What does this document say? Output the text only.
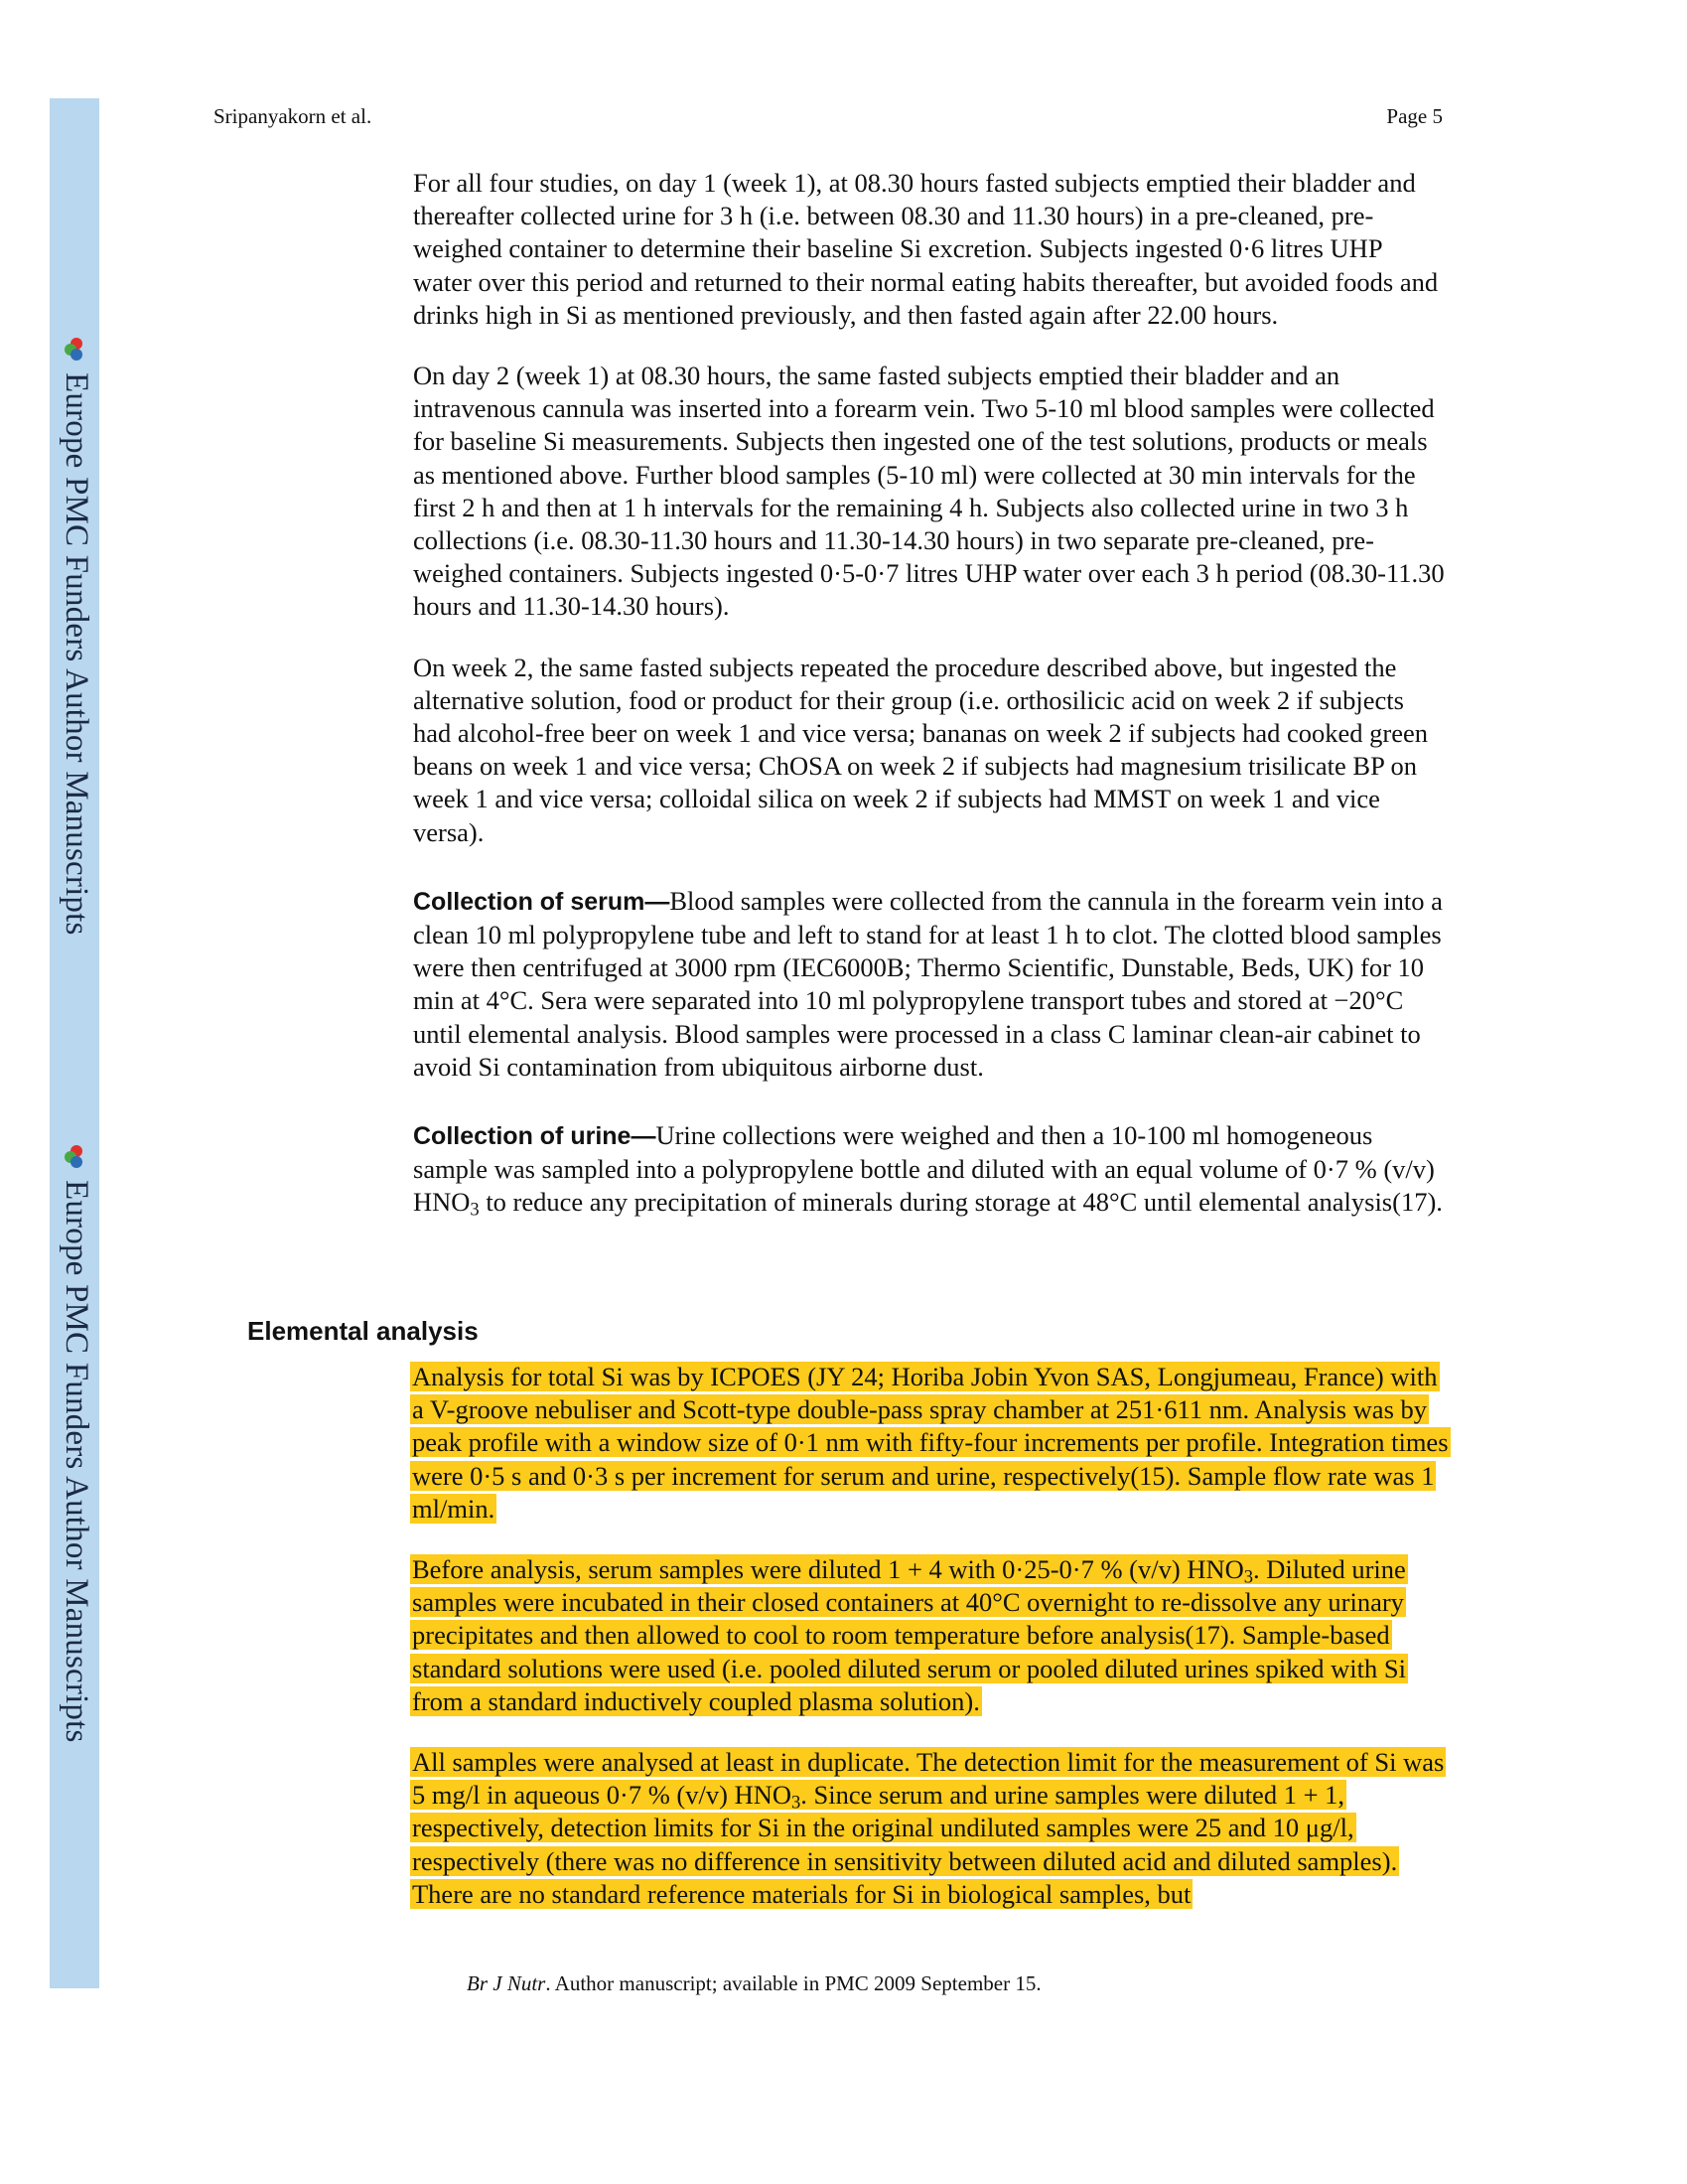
Europe PMC Funders Author Manuscripts
Europe PMC Funders Author Manuscripts
Sripanyakorn et al.	Page 5

For all four studies, on day 1 (week 1), at 08.30 hours fasted subjects emptied their bladder and thereafter collected urine for 3 h (i.e. between 08.30 and 11.30 hours) in a pre-cleaned, pre-weighed container to determine their baseline Si excretion. Subjects ingested 0·6 litres UHP water over this period and returned to their normal eating habits thereafter, but avoided foods and drinks high in Si as mentioned previously, and then fasted again after 22.00 hours.

On day 2 (week 1) at 08.30 hours, the same fasted subjects emptied their bladder and an intravenous cannula was inserted into a forearm vein. Two 5-10 ml blood samples were collected for baseline Si measurements. Subjects then ingested one of the test solutions, products or meals as mentioned above. Further blood samples (5-10 ml) were collected at 30 min intervals for the first 2 h and then at 1 h intervals for the remaining 4 h. Subjects also collected urine in two 3 h collections (i.e. 08.30-11.30 hours and 11.30-14.30 hours) in two separate pre-cleaned, pre-weighed containers. Subjects ingested 0·5-0·7 litres UHP water over each 3 h period (08.30-11.30 hours and 11.30-14.30 hours).

On week 2, the same fasted subjects repeated the procedure described above, but ingested the alternative solution, food or product for their group (i.e. orthosilicic acid on week 2 if subjects had alcohol-free beer on week 1 and vice versa; bananas on week 2 if subjects had cooked green beans on week 1 and vice versa; ChOSA on week 2 if subjects had magnesium trisilicate BP on week 1 and vice versa; colloidal silica on week 2 if subjects had MMST on week 1 and vice versa).

Collection of serum—Blood samples were collected from the cannula in the forearm vein into a clean 10 ml polypropylene tube and left to stand for at least 1 h to clot. The clotted blood samples were then centrifuged at 3000 rpm (IEC6000B; Thermo Scientific, Dunstable, Beds, UK) for 10 min at 4°C. Sera were separated into 10 ml polypropylene transport tubes and stored at −20°C until elemental analysis. Blood samples were processed in a class C laminar clean-air cabinet to avoid Si contamination from ubiquitous airborne dust.

Collection of urine—Urine collections were weighed and then a 10-100 ml homogeneous sample was sampled into a polypropylene bottle and diluted with an equal volume of 0·7 % (v/v) $HNO_3$ to reduce any precipitation of minerals during storage at 48°C until elemental analysis(17).

Elemental analysis

Analysis for total Si was by ICPOES (JY 24; Horiba Jobin Yvon SAS, Longjumeau, France) with a V-groove nebuliser and Scott-type double-pass spray chamber at 251·611 nm. Analysis was by peak profile with a window size of 0·1 nm with fifty-four increments per profile. Integration times were 0·5 s and 0·3 s per increment for serum and urine, respectively(15). Sample flow rate was 1 ml/min.

Before analysis, serum samples were diluted 1 + 4 with 0·25-0·7 % (v/v) $HNO_3$. Diluted urine samples were incubated in their closed containers at 40°C overnight to re-dissolve any urinary precipitates and then allowed to cool to room temperature before analysis(17). Sample-based standard solutions were used (i.e. pooled diluted serum or pooled diluted urines spiked with Si from a standard inductively coupled plasma solution).

All samples were analysed at least in duplicate. The detection limit for the measurement of Si was 5 mg/l in aqueous 0·7 % (v/v) $HNO_3$. Since serum and urine samples were diluted 1 + 1, respectively, detection limits for Si in the original undiluted samples were 25 and 10 μg/l, respectively (there was no difference in sensitivity between diluted acid and diluted samples). There are no standard reference materials for Si in biological samples, but

Br J Nutr. Author manuscript; available in PMC 2009 September 15.
